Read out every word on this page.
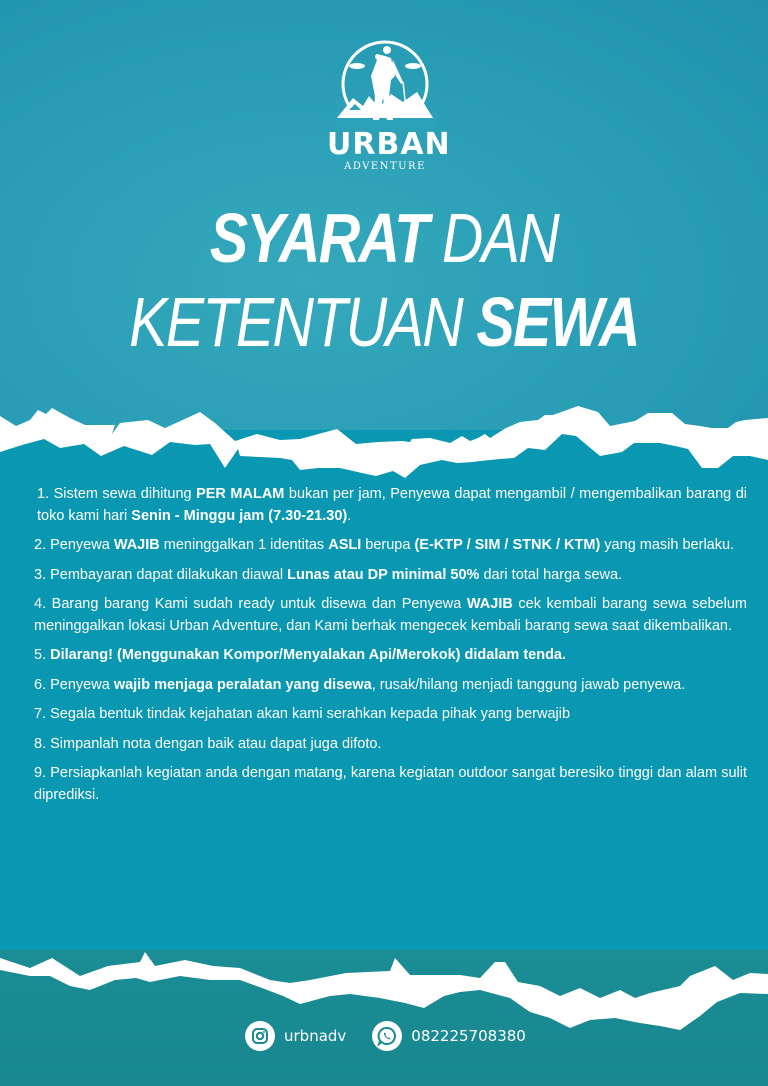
URBAN
ADVENTURE
SYARAT DAN
KETENTUAN SEWA
1. Sistem sewa dihitung PER MALAM bukan per jam, Penyewa dapat mengambil / mengembalikan barang di toko kami hari Senin - Minggu jam (7.30-21.30).
2. Penyewa WAJIB meninggalkan 1 identitas ASLI berupa (E-KTP / SIM / STNK / KTM) yang masih berlaku.
3. Pembayaran dapat dilakukan diawal Lunas atau DP minimal 50% dari total harga sewa.
4. Barang barang Kami sudah ready untuk disewa dan Penyewa WAJIB cek kembali barang sewa sebelum meninggalkan lokasi Urban Adventure, dan Kami berhak mengecek kembali barang sewa saat dikembalikan.
5. Dilarang! (Menggunakan Kompor/Menyalakan Api/Merokok) didalam tenda.
6. Penyewa wajib menjaga peralatan yang disewa, rusak/hilang menjadi tanggung jawab penyewa.
7. Segala bentuk tindak kejahatan akan kami serahkan kepada pihak yang berwajib
8. Simpanlah nota dengan baik atau dapat juga difoto.
9. Persiapkanlah kegiatan anda dengan matang, karena kegiatan outdoor sangat beresiko tinggi dan alam sulit diprediksi.
urbnadv	082225708380
